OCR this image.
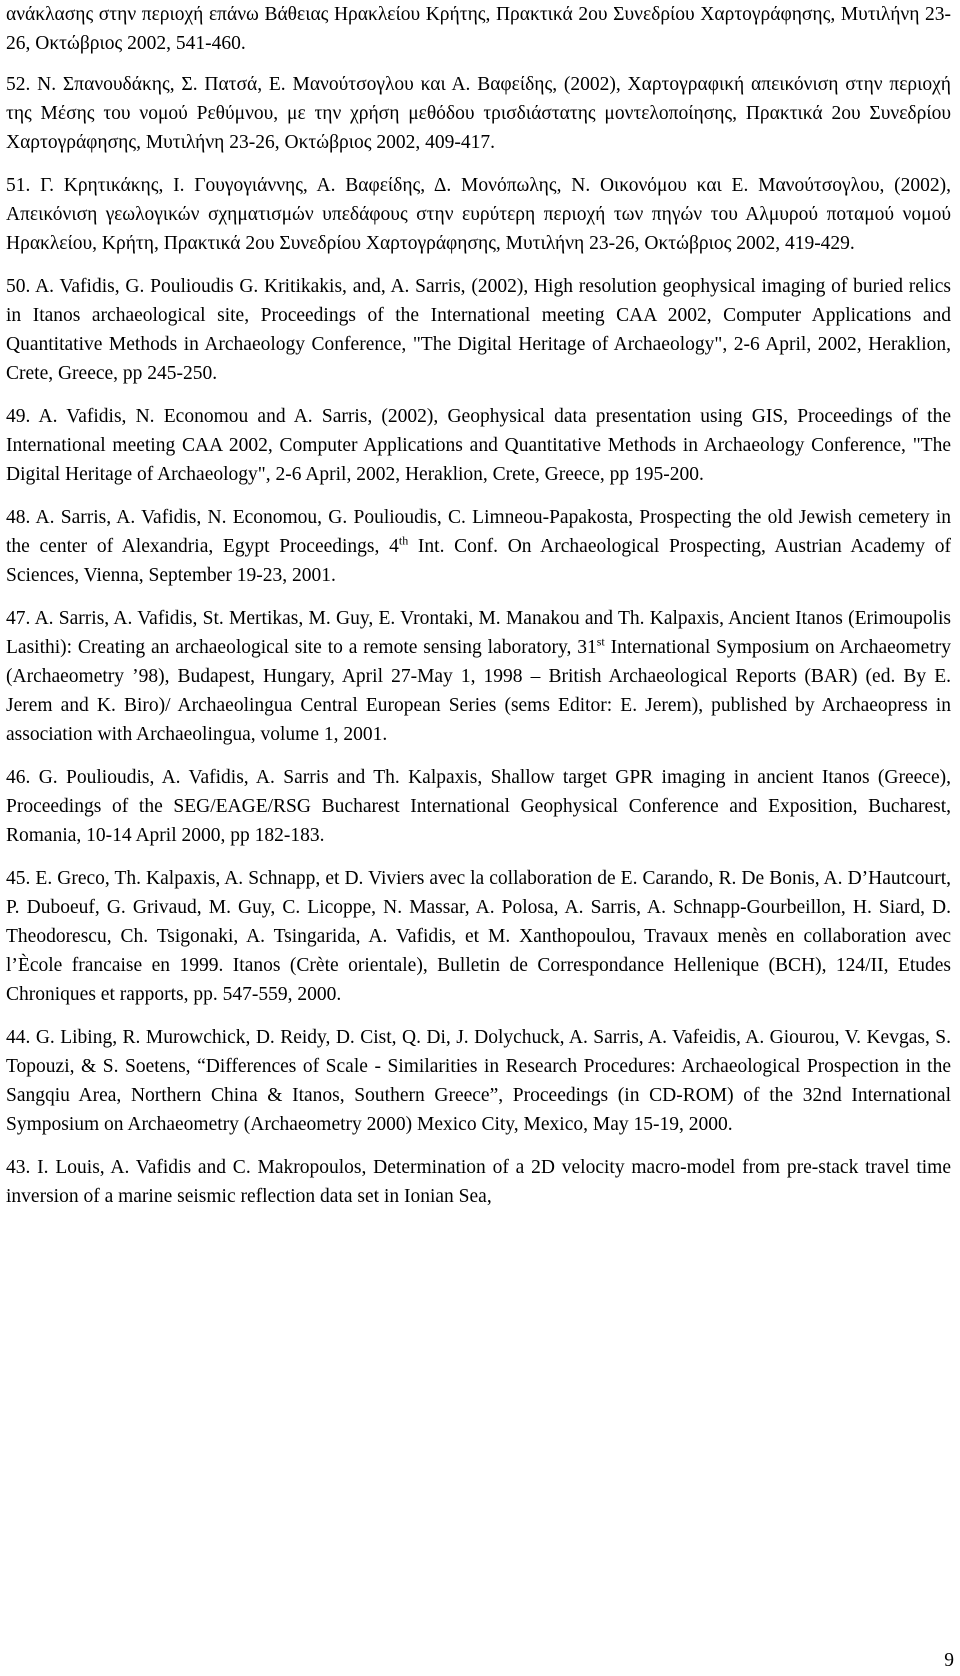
ανάκλασης στην περιοχή επάνω Βάθειας Ηρακλείου Κρήτης, Πρακτικά 2ου Συνεδρίου Χαρτογράφησης, Μυτιλήνη 23-26, Οκτώβριος 2002, 541-460.

52. Ν. Σπανουδάκης, Σ. Πατσά, Ε. Μανούτσογλου και Α. Βαφείδης, (2002), Χαρτογραφική απεικόνιση στην περιοχή της Μέσης του νομού Ρεθύμνου, με την χρήση μεθόδου τρισδιάστατης μοντελοποίησης, Πρακτικά 2ου Συνεδρίου Χαρτογράφησης, Μυτιλήνη 23-26, Οκτώβριος 2002, 409-417.

51. Γ. Κρητικάκης, Ι. Γουγογιάννης, Α. Βαφείδης, Δ. Μονόπωλης, Ν. Οικονόμου και Ε. Μανούτσογλου, (2002), Απεικόνιση γεωλογικών σχηματισμών υπεδάφους στην ευρύτερη περιοχή των πηγών του Αλμυρού ποταμού νομού Ηρακλείου, Κρήτη, Πρακτικά 2ου Συνεδρίου Χαρτογράφησης, Μυτιλήνη 23-26, Οκτώβριος 2002, 419-429.

50. A. Vafidis, G. Poulioudis G. Kritikakis, and, A. Sarris, (2002), High resolution geophysical imaging of buried relics in Itanos archaeological site, Proceedings of the International meeting CAA 2002, Computer Applications and Quantitative Methods in Archaeology Conference, "The Digital Heritage of Archaeology", 2-6 April, 2002, Heraklion, Crete, Greece, pp 245-250.

49. A. Vafidis, N. Economou and A. Sarris, (2002), Geophysical data presentation using GIS, Proceedings of the International meeting CAA 2002, Computer Applications and Quantitative Methods in Archaeology Conference, "The Digital Heritage of Archaeology", 2-6 April, 2002, Heraklion, Crete, Greece, pp 195-200.

48. A. Sarris, A. Vafidis, N. Economou, G. Poulioudis, C. Limneou-Papakosta, Prospecting the old Jewish cemetery in the center of Alexandria, Egypt Proceedings, 4th Int. Conf. On Archaeological Prospecting, Austrian Academy of Sciences, Vienna, September 19-23, 2001.

47. A. Sarris, A. Vafidis, St. Mertikas, M. Guy, E. Vrontaki, M. Manakou and Th. Kalpaxis, Ancient Itanos (Erimoupolis Lasithi): Creating an archaeological site to a remote sensing laboratory, 31st International Symposium on Archaeometry (Archaeometry ’98), Budapest, Hungary, April 27-May 1, 1998 – British Archaeological Reports (BAR) (ed. By E. Jerem and K. Biro)/ Archaeolingua Central European Series (sems Editor: E. Jerem), published by Archaeopress in association with Archaeolingua, volume 1, 2001.

46. G. Poulioudis, A. Vafidis, A. Sarris and Th. Kalpaxis, Shallow target GPR imaging in ancient Itanos (Greece), Proceedings of the SEG/EAGE/RSG Bucharest International Geophysical Conference and Exposition, Bucharest, Romania, 10-14 April 2000, pp 182-183.

45. E. Greco, Th. Kalpaxis, A. Schnapp, et D. Viviers avec la collaboration de E. Carando, R. De Bonis, A. D’Hautcourt, P. Duboeuf, G. Grivaud, M. Guy, C. Licoppe, N. Massar, A. Polosa, A. Sarris, A. Schnapp-Gourbeillon, H. Siard, D. Theodorescu, Ch. Tsigonaki, A. Tsingarida, A. Vafidis, et M. Xanthopoulou, Travaux menès en collaboration avec l’Ècole francaise en 1999. Itanos (Crète orientale), Bulletin de Correspondance Hellenique (BCH), 124/II, Etudes Chroniques et rapports, pp. 547-559, 2000.

44. G. Libing, R. Murowchick, D. Reidy, D. Cist, Q. Di, J. Dolychuck, A. Sarris, A. Vafeidis, A. Giourou, V. Kevgas, S. Topouzi, & S. Soetens, “Differences of Scale - Similarities in Research Procedures: Archaeological Prospection in the Sangqiu Area, Northern China & Itanos, Southern Greece”, Proceedings (in CD-ROM) of the 32nd International Symposium on Archaeometry (Archaeometry 2000) Mexico City, Mexico, May 15-19, 2000.

43. I. Louis, A. Vafidis and C. Makropoulos, Determination of a 2D velocity macro-model from pre-stack travel time inversion of a marine seismic reflection data set in Ionian Sea,

9
